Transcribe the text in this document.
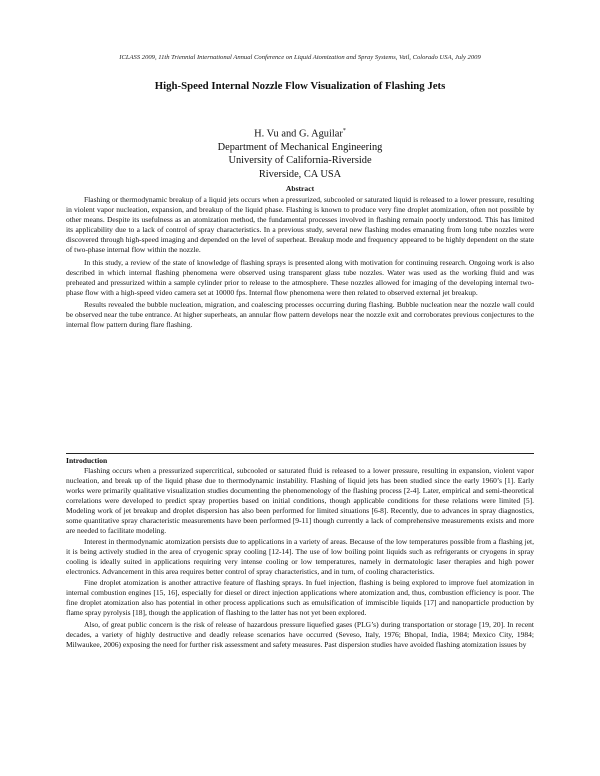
ICLASS 2009, 11th Triennial International Annual Conference on Liquid Atomization and Spray Systems, Vail, Colorado USA, July 2009
High-Speed Internal Nozzle Flow Visualization of Flashing Jets
H. Vu and G. Aguilar*
Department of Mechanical Engineering
University of California-Riverside
Riverside, CA USA
Abstract

Flashing or thermodynamic breakup of a liquid jets occurs when a pressurized, subcooled or saturated liquid is released to a lower pressure, resulting in violent vapor nucleation, expansion, and breakup of the liquid phase. Flashing is known to produce very fine droplet atomization, often not possible by other means. Despite its usefulness as an atomization method, the fundamental processes involved in flashing remain poorly understood. This has limited its applicability due to a lack of control of spray characteristics. In a previous study, several new flashing modes emanating from long tube nozzles were discovered through high-speed imaging and depended on the level of superheat. Breakup mode and frequency appeared to be highly dependent on the state of two-phase internal flow within the nozzle.

In this study, a review of the state of knowledge of flashing sprays is presented along with motivation for continuing research. Ongoing work is also described in which internal flashing phenomena were observed using transparent glass tube nozzles. Water was used as the working fluid and was preheated and pressurized within a sample cylinder prior to release to the atmosphere. These nozzles allowed for imaging of the developing internal two-phase flow with a high-speed video camera set at 10000 fps. Internal flow phenomena were then related to observed external jet breakup.

Results revealed the bubble nucleation, migration, and coalescing processes occurring during flashing. Bubble nucleation near the nozzle wall could be observed near the tube entrance. At higher superheats, an annular flow pattern develops near the nozzle exit and corroborates previous conjectures to the internal flow pattern during flare flashing.

Introduction

Flashing occurs when a pressurized supercritical, subcooled or saturated fluid is released to a lower pressure, resulting in expansion, violent vapor nucleation, and break up of the liquid phase due to thermodynamic instability. Flashing of liquid jets has been studied since the early 1960’s [1]. Early works were primarily qualitative visualization studies documenting the phenomenology of the flashing process [2-4]. Later, empirical and semi-theoretical correlations were developed to predict spray properties based on initial conditions, though applicable conditions for these relations were limited [5]. Modeling work of jet breakup and droplet dispersion has also been performed for limited situations [6-8]. Recently, due to advances in spray diagnostics, some quantitative spray characteristic measurements have been performed [9-11] though currently a lack of comprehensive measurements exists and more are needed to facilitate modeling.

Interest in thermodynamic atomization persists due to applications in a variety of areas. Because of the low temperatures possible from a flashing jet, it is being actively studied in the area of cryogenic spray cooling [12-14]. The use of low boiling point liquids such as refrigerants or cryogens in spray cooling is ideally suited in applications requiring very intense cooling or low temperatures, namely in dermatologic laser therapies and high power electronics. Advancement in this area requires better control of spray characteristics, and in turn, of cooling characteristics.

Fine droplet atomization is another attractive feature of flashing sprays. In fuel injection, flashing is being explored to improve fuel atomization in internal combustion engines [15, 16], especially for diesel or direct injection applications where atomization and, thus, combustion efficiency is poor. The fine droplet atomization also has potential in other process applications such as emulsification of immiscible liquids [17] and nanoparticle production by flame spray pyrolysis [18], though the application of flashing to the latter has not yet been explored.

Also, of great public concern is the risk of release of hazardous pressure liquefied gases (PLG’s) during transportation or storage [19, 20]. In recent decades, a variety of highly destructive and deadly release scenarios have occurred (Seveso, Italy, 1976; Bhopal, India, 1984; Mexico City, 1984; Milwaukee, 2006) exposing the need for further risk assessment and safety measures. Past dispersion studies have avoided flashing atomization issues by
